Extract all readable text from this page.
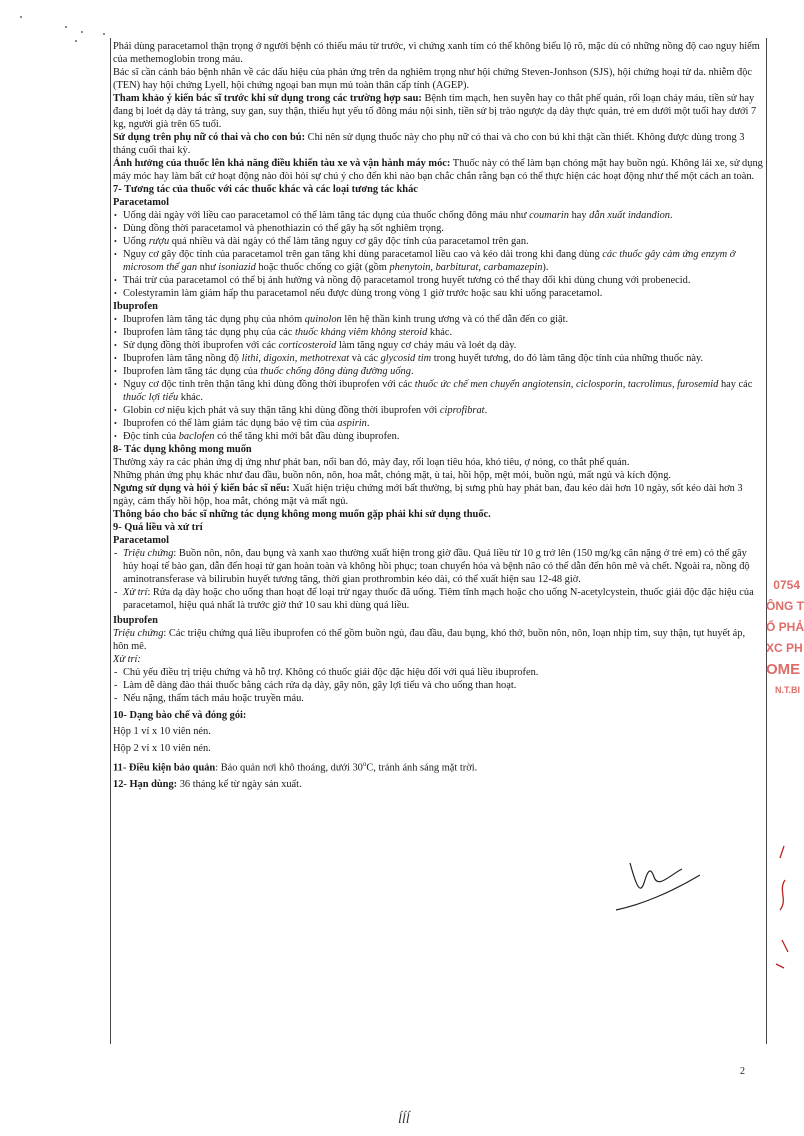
Phải dùng paracetamol thận trọng ở người bệnh có thiếu máu từ trước, vì chứng xanh tím có thể không biểu lộ rõ, mặc dù có những nồng độ cao nguy hiểm của methemoglobin trong máu.

Bác sĩ cần cảnh báo bệnh nhân về các dấu hiệu của phản ứng trên da nghiêm trọng như hội chứng Steven-Jonhson (SJS), hội chứng hoại tử da. nhiễm độc (TEN) hay hội chứng Lyell, hội chứng ngoại ban mụn mủ toàn thân cấp tính (AGEP).

Tham khảo ý kiến bác sĩ trước khi sử dụng trong các trường hợp sau: Bệnh tim mạch, hen suyễn hay co thắt phế quản, rối loạn chảy máu, tiền sử hay đang bị loét dạ dày tá tràng, suy gan, suy thận, thiếu hụt yếu tố đông máu nội sinh, tiền sử bị trào ngược dạ dày thực quản, trẻ em dưới một tuổi hay dưới 7 kg, người già trên 65 tuổi.

Sử dụng trên phụ nữ có thai và cho con bú: Chỉ nên sử dụng thuốc này cho phụ nữ có thai và cho con bú khi thật cần thiết. Không được dùng trong 3 tháng cuối thai kỳ.

Ảnh hưởng của thuốc lên khả năng điều khiển tàu xe và vận hành máy móc: Thuốc này có thể làm bạn chóng mặt hay buồn ngủ. Không lái xe, sử dụng máy móc hay làm bất cứ hoạt động nào đòi hỏi sự chú ý cho đến khi nào bạn chắc chắn rằng bạn có thể thực hiện các hoạt động như thế một cách an toàn.

7- Tương tác của thuốc với các thuốc khác và các loại tương tác khác

Paracetamol

• Uống dài ngày với liều cao paracetamol có thể làm tăng tác dụng của thuốc chống đông máu như coumarin hay dẫn xuất indandion.
• Dùng đồng thời paracetamol và phenothiazin có thể gây hạ sốt nghiêm trọng.
• Uống rượu quá nhiều và dài ngày có thể làm tăng nguy cơ gây độc tính của paracetamol trên gan.
• Nguy cơ gây độc tính của paracetamol trên gan tăng khi dùng paracetamol liều cao và kéo dài trong khi đang dùng các thuốc gây cảm ứng enzym ở microsom thể gan như isoniazid hoặc thuốc chống co giật (gồm phenytoin, barbiturat, carbamazepin).
• Thải trừ của paracetamol có thể bị ảnh hưởng và nồng độ paracetamol trong huyết tương có thể thay đổi khi dùng chung với probenecid.
• Colestyramin làm giảm hấp thu paracetamol nếu được dùng trong vòng 1 giờ trước hoặc sau khi uống paracetamol.

Ibuprofen

• Ibuprofen làm tăng tác dụng phụ của nhóm quinolon lên hệ thần kinh trung ương và có thể dẫn đến co giật.
• Ibuprofen làm tăng tác dụng phụ của các thuốc kháng viêm không steroid khác.
• Sử dụng đồng thời ibuprofen với các corticosteroid làm tăng nguy cơ chảy máu và loét dạ dày.
• Ibuprofen làm tăng nồng độ lithi, digoxin, methotrexat và các glycosid tim trong huyết tương, do đó làm tăng độc tính của những thuốc này.
• Ibuprofen làm tăng tác dụng của thuốc chống đông dùng đường uống.
• Nguy cơ độc tính trên thận tăng khi dùng đồng thời ibuprofen với các thuốc ức chế men chuyển angiotensin, ciclosporin, tacrolimus, furosemid hay các thuốc lợi tiểu khác.
• Globin cơ niệu kịch phát và suy thận tăng khi dùng đồng thời ibuprofen với ciprofibrat.
• Ibuprofen có thể làm giảm tác dụng bảo vệ tim của aspirin.
• Độc tính của baclofen có thể tăng khi mới bắt đầu dùng ibuprofen.

8- Tác dụng không mong muốn

Thường xảy ra các phản ứng dị ứng như phát ban, nổi ban đỏ, mày đay, rối loạn tiêu hóa, khó tiêu, ợ nóng, co thắt phế quản.

Những phản ứng phụ khác như đau đầu, buồn nôn, nôn, hoa mắt, chóng mặt, ù tai, hồi hộp, mệt mỏi, buồn ngủ, mất ngủ và kích động.

Ngưng sử dụng và hỏi ý kiến bác sĩ nếu: Xuất hiện triệu chứng mới bất thường, bị sưng phù hay phát ban, đau kéo dài hơn 10 ngày, sốt kéo dài hơn 3 ngày, cảm thấy hồi hộp, hoa mắt, chóng mặt và mất ngủ.

Thông báo cho bác sĩ những tác dụng không mong muốn gặp phải khi sử dụng thuốc.

9- Quá liều và xử trí

Paracetamol

- Triệu chứng: Buồn nôn, nôn, đau bụng và xanh xao thường xuất hiện trong giờ đầu. Quá liều từ 10 g trở lên (150 mg/kg cân nặng ở trẻ em) có thể gây hủy hoại tế bào gan, dẫn đến hoại tử gan hoàn toàn và không hồi phục; toan chuyển hóa và bệnh não có thể dẫn đến hôn mê và chết. Ngoài ra, nồng độ aminotransferase và bilirubin huyết tương tăng, thời gian prothrombin kéo dài, có thể xuất hiện sau 12-48 giờ.
- Xử trí: Rửa dạ dày hoặc cho uống than hoạt để loại trừ ngay thuốc đã uống. Tiêm tĩnh mạch hoặc cho uống N-acetylcystein, thuốc giải độc đặc hiệu của paracetamol, hiệu quả nhất là trước giờ thứ 10 sau khi dùng quá liều.

Ibuprofen

Triệu chứng: Các triệu chứng quá liều ibuprofen có thể gồm buồn ngủ, đau đầu, đau bụng, khó thở, buồn nôn, nôn, loạn nhịp tim, suy thận, tụt huyết áp, hôn mê.

Xử trí:

- Chủ yếu điều trị triệu chứng và hỗ trợ. Không có thuốc giải độc đặc hiệu đối với quá liều ibuprofen.
- Làm dễ dàng đào thải thuốc bằng cách rửa dạ dày, gây nôn, gây lợi tiểu và cho uống than hoạt.
- Nếu nặng, thẩm tách máu hoặc truyền máu.

10- Dạng bào chế và đóng gói:

Hộp 1 vỉ x 10 viên nén.

Hộp 2 vỉ x 10 viên nén.

11- Điều kiện bảo quản: Bảo quản nơi khô thoáng, dưới 30$^o$C, tránh ánh sáng mặt trời.

12- Hạn dùng: 36 tháng kể từ ngày sản xuất.

0754
ÔNG T
Ổ PHẢ
XC PH
OME
N.T.BI
2
ĺĺĺ
